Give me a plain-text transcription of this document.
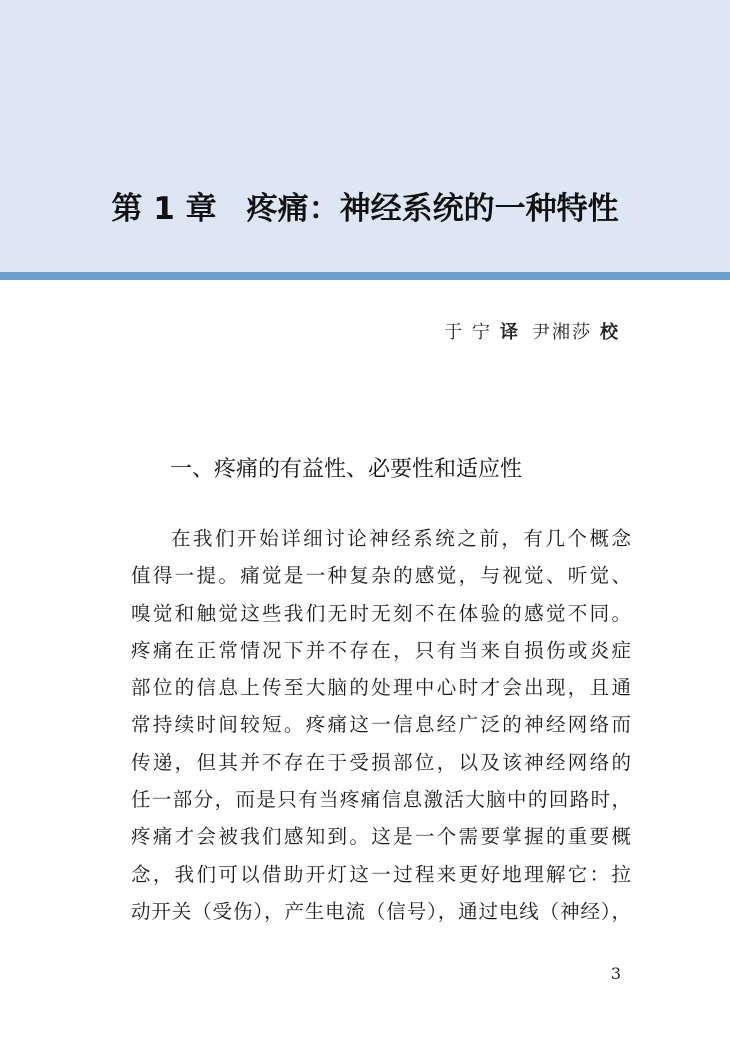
第 1 章 疼痛：神经系统的一种特性
于 宁 译 尹湘莎 校
一、疼痛的有益性、必要性和适应性
在我们开始详细讨论神经系统之前，有几个概念
值得一提。痛觉是一种复杂的感觉，与视觉、听觉、
嗅觉和触觉这些我们无时无刻不在体验的感觉不同。
疼痛在正常情况下并不存在，只有当来自损伤或炎症
部位的信息上传至大脑的处理中心时才会出现，且通
常持续时间较短。疼痛这一信息经广泛的神经网络而
传递，但其并不存在于受损部位，以及该神经网络的
任一部分，而是只有当疼痛信息激活大脑中的回路时，
疼痛才会被我们感知到。这是一个需要掌握的重要概
念，我们可以借助开灯这一过程来更好地理解它：拉
动开关（受伤），产生电流（信号），通过电线（神经），
3
